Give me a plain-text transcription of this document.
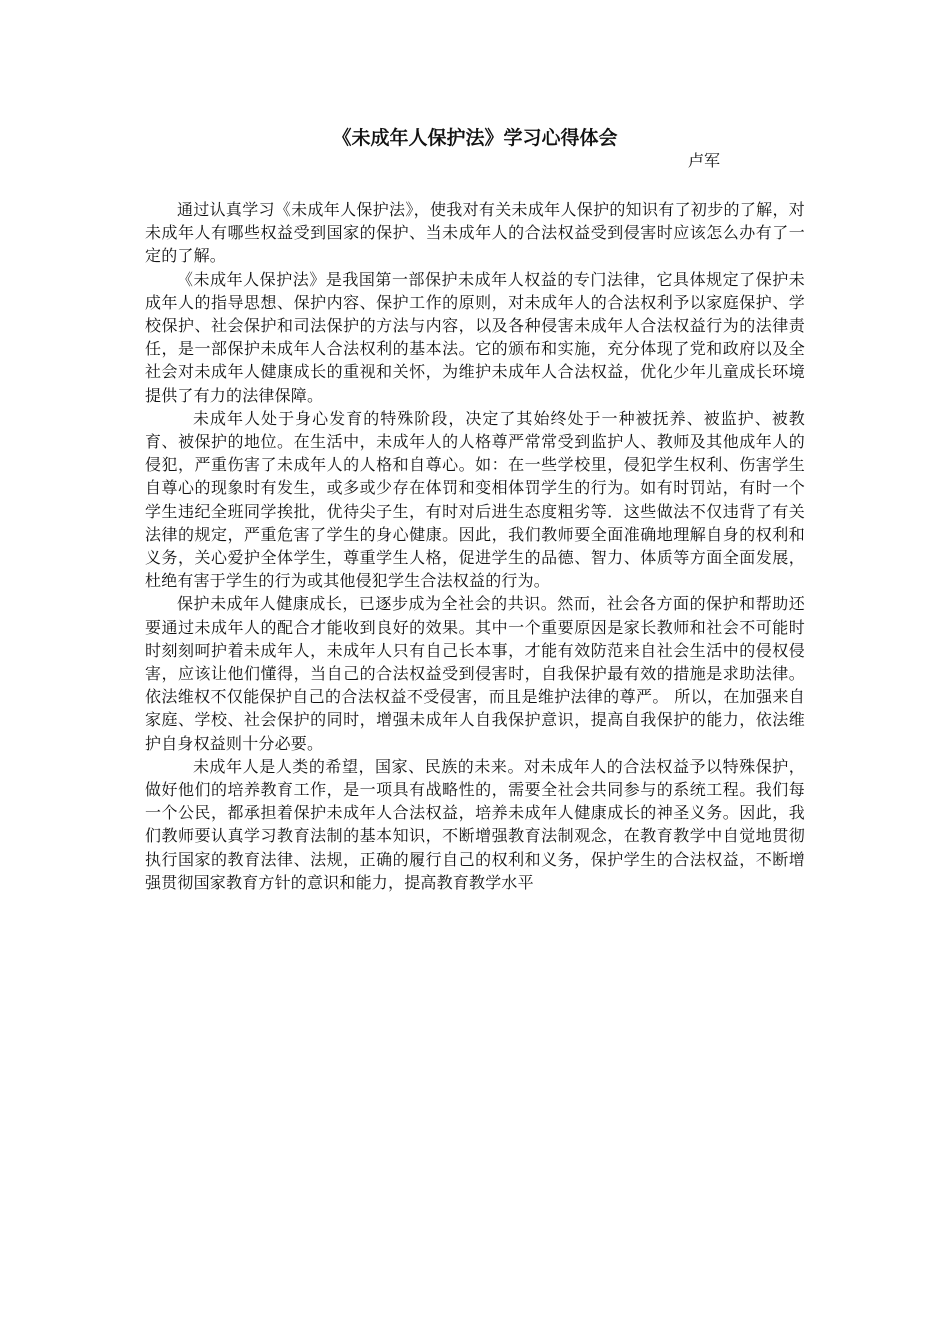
《未成年人保护法》学习心得体会

卢军

通过认真学习《未成年人保护法》，使我对有关未成年人保护的知识有了初步的了解，对未成年人有哪些权益受到国家的保护、当未成年人的合法权益受到侵害时应该怎么办有了一定的了解。

《未成年人保护法》是我国第一部保护未成年人权益的专门法律，它具体规定了保护未成年人的指导思想、保护内容、保护工作的原则，对未成年人的合法权利予以家庭保护、学校保护、社会保护和司法保护的方法与内容，以及各种侵害未成年人合法权益行为的法律责任，是一部保护未成年人合法权利的基本法。它的颁布和实施，充分体现了党和政府以及全社会对未成年人健康成长的重视和关怀，为维护未成年人合法权益，优化少年儿童成长环境提供了有力的法律保障。

未成年人处于身心发育的特殊阶段，决定了其始终处于一种被抚养、被监护、被教育、被保护的地位。在生活中，未成年人的人格尊严常常受到监护人、教师及其他成年人的侵犯，严重伤害了未成年人的人格和自尊心。如：在一些学校里，侵犯学生权利、伤害学生自尊心的现象时有发生，或多或少存在体罚和变相体罚学生的行为。如有时罚站，有时一个学生违纪全班同学挨批，优待尖子生，有时对后进生态度粗劣等．这些做法不仅违背了有关法律的规定，严重危害了学生的身心健康。因此，我们教师要全面准确地理解自身的权利和义务，关心爱护全体学生，尊重学生人格，促进学生的品德、智力、体质等方面全面发展，杜绝有害于学生的行为或其他侵犯学生合法权益的行为。

保护未成年人健康成长，已逐步成为全社会的共识。然而，社会各方面的保护和帮助还要通过未成年人的配合才能收到良好的效果。其中一个重要原因是家长教师和社会不可能时时刻刻呵护着未成年人，未成年人只有自己长本事，才能有效防范来自社会生活中的侵权侵害，应该让他们懂得，当自己的合法权益受到侵害时，自我保护最有效的措施是求助法律。依法维权不仅能保护自己的合法权益不受侵害，而且是维护法律的尊严。 所以，在加强来自家庭、学校、社会保护的同时，增强未成年人自我保护意识，提高自我保护的能力，依法维护自身权益则十分必要。

未成年人是人类的希望，国家、民族的未来。对未成年人的合法权益予以特殊保护，做好他们的培养教育工作，是一项具有战略性的，需要全社会共同参与的系统工程。我们每一个公民，都承担着保护未成年人合法权益，培养未成年人健康成长的神圣义务。因此，我们教师要认真学习教育法制的基本知识，不断增强教育法制观念，在教育教学中自觉地贯彻执行国家的教育法律、法规，正确的履行自己的权利和义务，保护学生的合法权益，不断增强贯彻国家教育方针的意识和能力，提高教育教学水平
